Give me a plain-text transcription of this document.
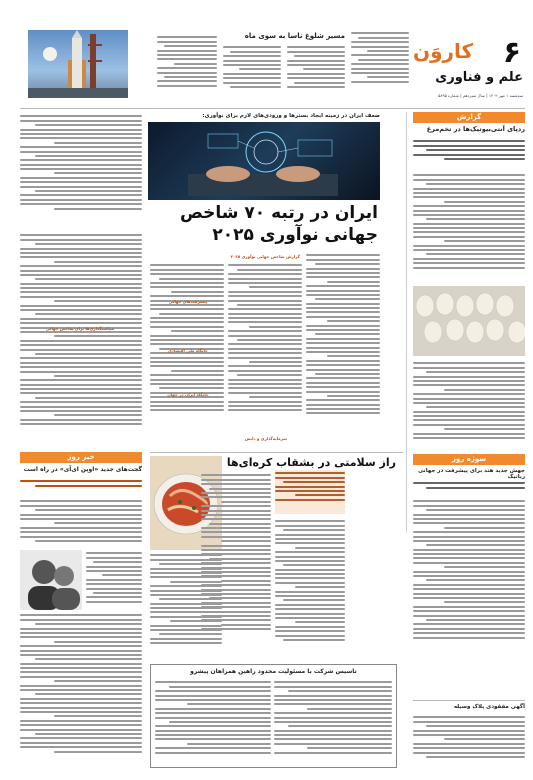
۶
کاروَن
علم و فناوری
سه‌شنبه ۱ مهر ۱۴۰۴ | سال سیزدهم | شماره ۵۸۹۵
مسیر شلوغ ناسا به سوی ماه
ضعف ایران در زمینه ایجاد بسترها و ورودی‌های لازم برای نوآوری:
ایران در رتبه ۷۰ شاخص
جهانی نوآوری ۲۰۲۵
گزارش شاخص جهانی نوآوری ۲۰۲۵
پیشرفت‌های جهانی
جایگاه ملی اقتصادی
جایگاه ایران در جهان
سرمایه‌گذاری و دانش
سیاستگذاری‌ها برای شاخص جهانی
گزارش
ردپای آنتی‌بیوتیک‌ها در تخم‌مرغ
سوژه روز
جهش جدید هند برای پیشرفت در جهانی رباتیک
آگهی مفقودی پلاک وسیله
راز سلامتی در بشقاب کره‌ای‌ها
خبر روز
گجت‌های جدید «اوپن ای‌آی» در راه است
تاسیس شرکت با مسئولیت محدود راهین همراهان پیشرو
